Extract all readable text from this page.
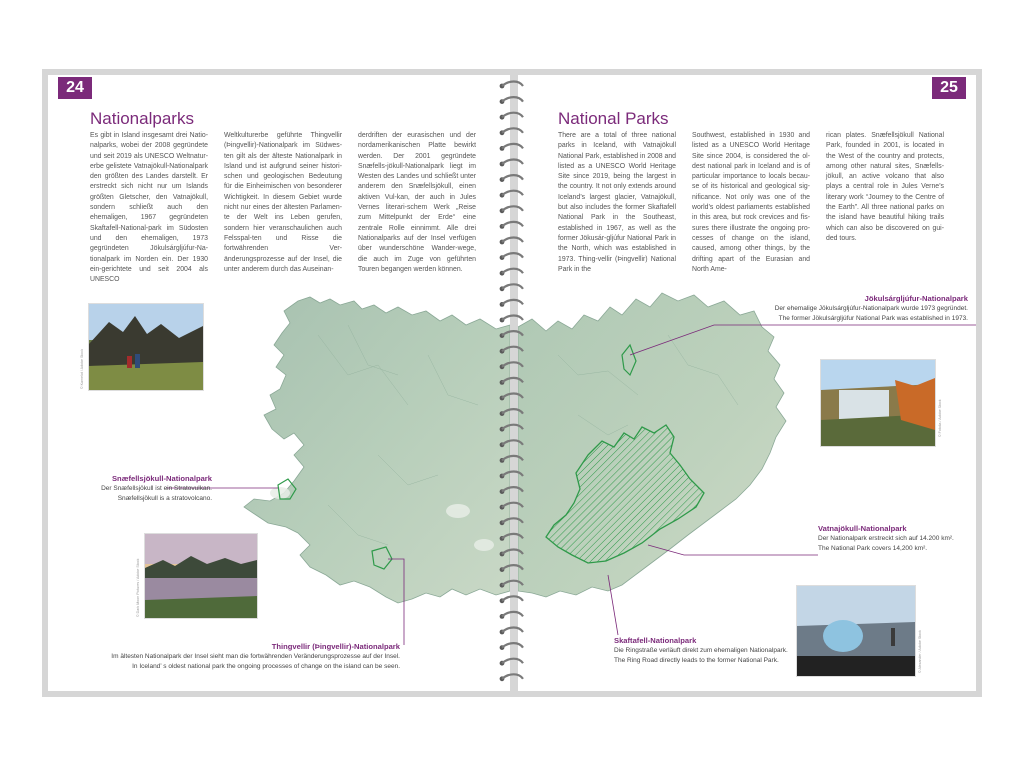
24
Nationalparks
Es gibt in Island insgesamt drei Natio-nalparks, wobei der 2008 gegründete und seit 2019 als UNESCO Weltnatur-erbe gelistete Vatnajökull-Nationalpark den größten des Landes darstellt. Er erstreckt sich nicht nur um Islands größten Gletscher, den Vatnajökull, sondern schließt auch den ehemaligen, 1967 gegründeten Skaftafell-National-park im Südosten und den ehemaligen, 1973 gegründeten Jökulsárgljúfur-Na-tionalpark im Norden ein. Der 1930 ein-gerichtete und seit 2004 als UNESCO
Weltkulturerbe geführte Thingvellir (Þingvellir)-Nationalpark im Südwes-ten gilt als der älteste Nationalpark in Island und ist aufgrund seiner histori-schen und geologischen Bedeutung für die Einheimischen von besonderer Wichtigkeit. In diesem Gebiet wurde nicht nur eines der ältesten Parlamen-te der Welt ins Leben gerufen, sondern hier veranschaulichen auch Felsspal-ten und Risse die fortwährenden Ver-änderungsprozesse auf der Insel, die unter anderem durch das Auseinan-
derdriften der eurasischen und der nordamerikanischen Platte bewirkt werden. Der 2001 gegründete Snæfells-jökull-Nationalpark liegt im Westen des Landes und schließt unter anderem den Snæfellsjökull, einen aktiven Vul-kan, der auch in Jules Vernes literari-schem Werk „Reise zum Mittelpunkt der Erde“ eine zentrale Rolle einnimmt. Alle drei Nationalparks auf der Insel verfügen über wunderschöne Wander-wege, die auch im Zuge von geführten Touren begangen werden können.
© Kamelot / Adobe Stock
© Dark Moon Pictures / Adobe Stock
Snæfellsjökull-Nationalpark
Der Snæfellsjökull ist ein Stratovulkan.
Snæfellsjökull is a stratovolcano.
Thingvellir (Þingvellir)-Nationalpark
Im ältesten Nationalpark der Insel sieht man die fortwährenden Veränderungsprozesse auf der Insel.
In Iceland’ s oldest national park the ongoing processes of change on the island can be seen.
25
National Parks
There are a total of three national parks in Iceland, with Vatnajökull National Park, established in 2008 and listed as a UNESCO World Heritage Site since 2019, being the largest in the country. It not only extends around Iceland’s largest glacier, Vatnajökull, but also includes the former Skaftafell National Park in the Southeast, established in 1967, as well as the former Jökusár-gljúfur National Park in the North, which was established in 1973. Thing-vellir (Þingvellir) National Park in the
Southwest, established in 1930 and listed as a UNESCO World Heritage Site since 2004, is considered the ol-dest national park in Iceland and is of particular importance to locals becau-se of its historical and geological sig-nificance. Not only was one of the world’s oldest parliaments established in this area, but rock crevices and fis-sures there illustrate the ongoing pro-cesses of change on the island, caused, among other things, by the drifting apart of the Eurasian and North Ame-
rican plates. Snæfellsjökull National Park, founded in 2001, is located in the West of the country and protects, among other natural sites, Snæfells-jökull, an active volcano that also plays a central role in Jules Verne’s literary work “Journey to the Centre of the Earth”. All three national parks on the island have beautiful hiking trails which can also be discovered on gui-ded tours.
© Fotolia / Adobe Stock
© Alexander / Adobe Stock
Jökulsárgljúfur-Nationalpark
Der ehemalige Jökulsárgljúfur-Nationalpark wurde 1973 gegründet.
The former Jökulsárgljúfur National Park was established in 1973.
Vatnajökull-Nationalpark
Der Nationalpark erstreckt sich auf 14.200 km².
The National Park covers 14,200 km².
Skaftafell-Nationalpark
Die Ringstraße verläuft direkt zum ehemaligen Nationalpark.
The Ring Road directly leads to the former National Park.
